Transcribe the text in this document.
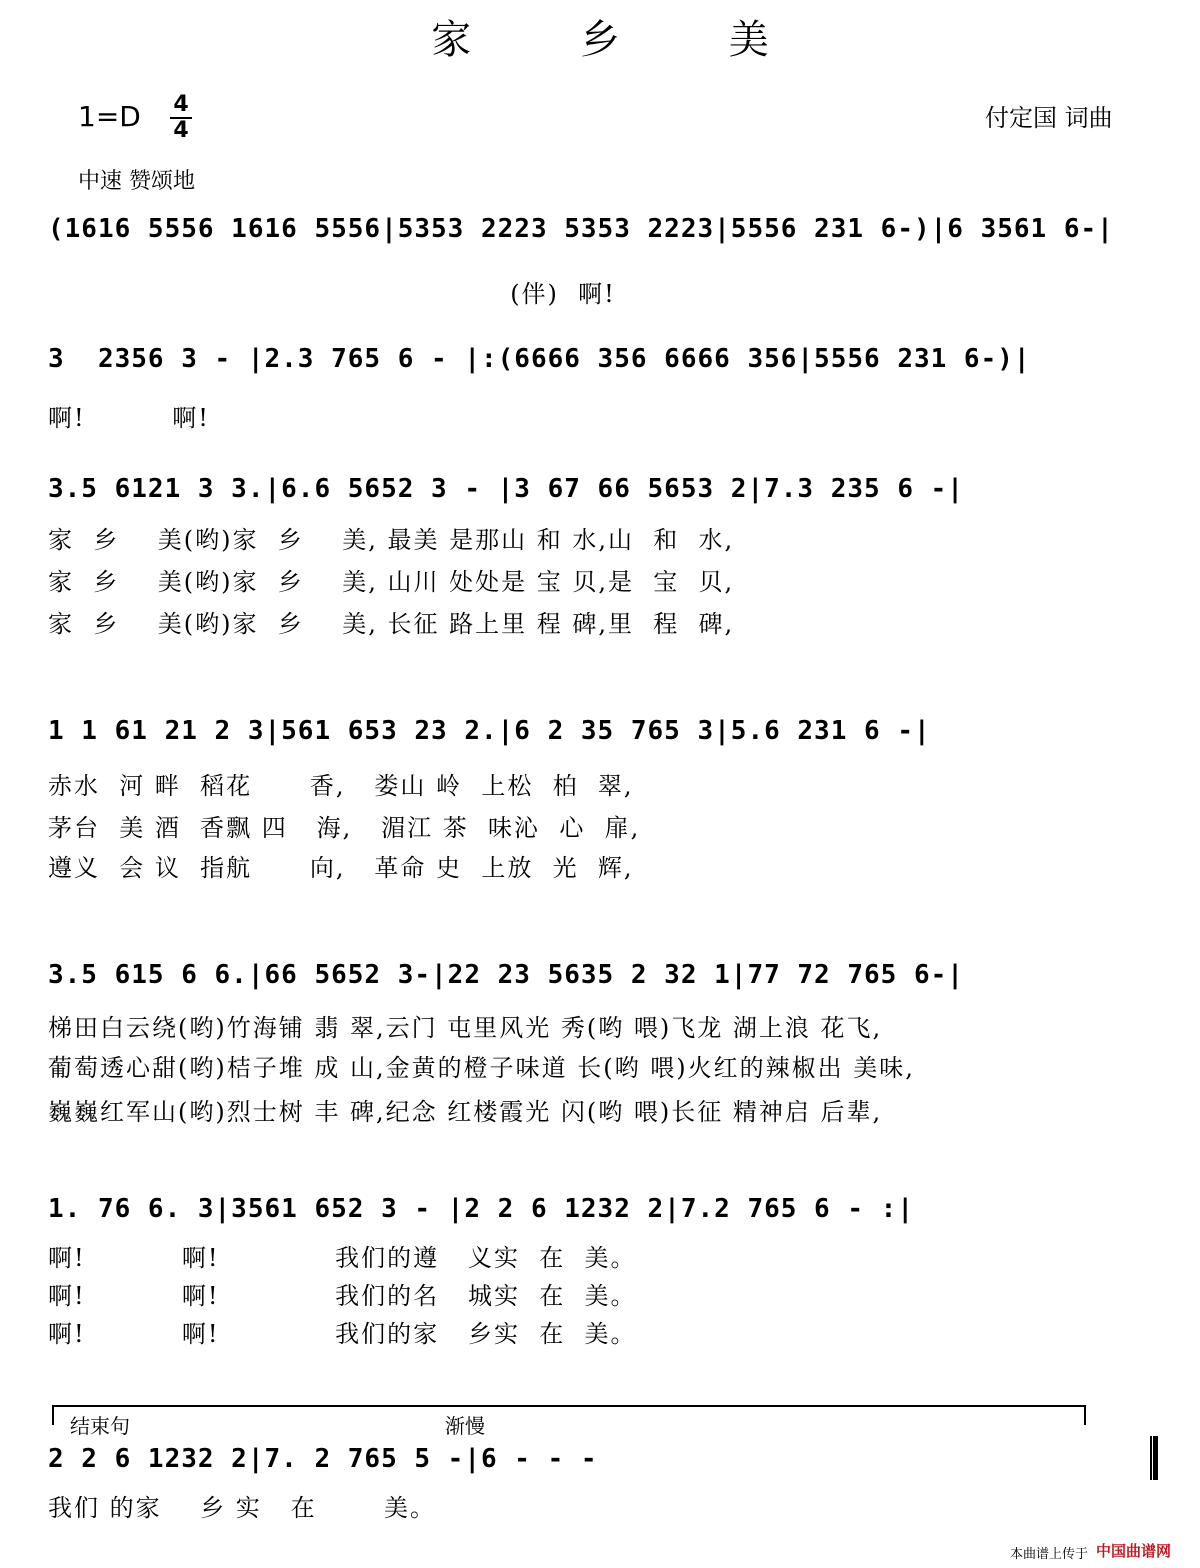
家 乡 美
1=D 4
4	付定国 词曲
中速 赞颂地
(1616 5556 1616 5556|5353 2223 5353 2223|5556 231 6-)|6 3561 6-|
(伴)  啊!
3  2356 3 - |2.3 765 6 - |:(6666 356 6666 356|5556 231 6-)|
啊!         啊!
3.5 6121 3 3.|6.6 5652 3 - |3 67 66 5653 2|7.3 235 6 -|
家  乡    美(哟)家  乡    美, 最美 是那山 和 水,山  和  水,
家  乡    美(哟)家  乡    美, 山川 处处是 宝 贝,是  宝  贝,
家  乡    美(哟)家  乡    美, 长征 路上里 程 碑,里  程  碑,
1 1 61 21 2 3|561 653 23 2.|6 2 35 765 3|5.6 231 6 -|
赤水  河 畔  稻花      香,   娄山 岭  上松  柏  翠,
茅台  美 酒  香飘 四   海,   湄江 茶  味沁  心  扉,
遵义  会 议  指航      向,   革命 史  上放  光  辉,
3.5 615 6 6.|66 5652 3-|22 23 5635 2 32 1|77 72 765 6-|
梯田白云绕(哟)竹海铺 翡 翠,云门 屯里风光 秀(哟 喂)飞龙 湖上浪 花飞,
葡萄透心甜(哟)桔子堆 成 山,金黄的橙子味道 长(哟 喂)火红的辣椒出 美味,
巍巍红军山(哟)烈士树 丰 碑,纪念 红楼霞光 闪(哟 喂)长征 精神启 后辈,
1. 76 6. 3|3561 652 3 - |2 2 6 1232 2|7.2 765 6 - :|
啊!          啊!            我们的遵   义实  在  美。
啊!          啊!            我们的名   城实  在  美。
啊!          啊!            我们的家   乡实  在  美。
结束句	渐慢
2 2 6 1232 2|7. 2 765 5 -|6 - - -
我们 的家    乡 实   在       美。
本曲谱上传于 中国曲谱网
